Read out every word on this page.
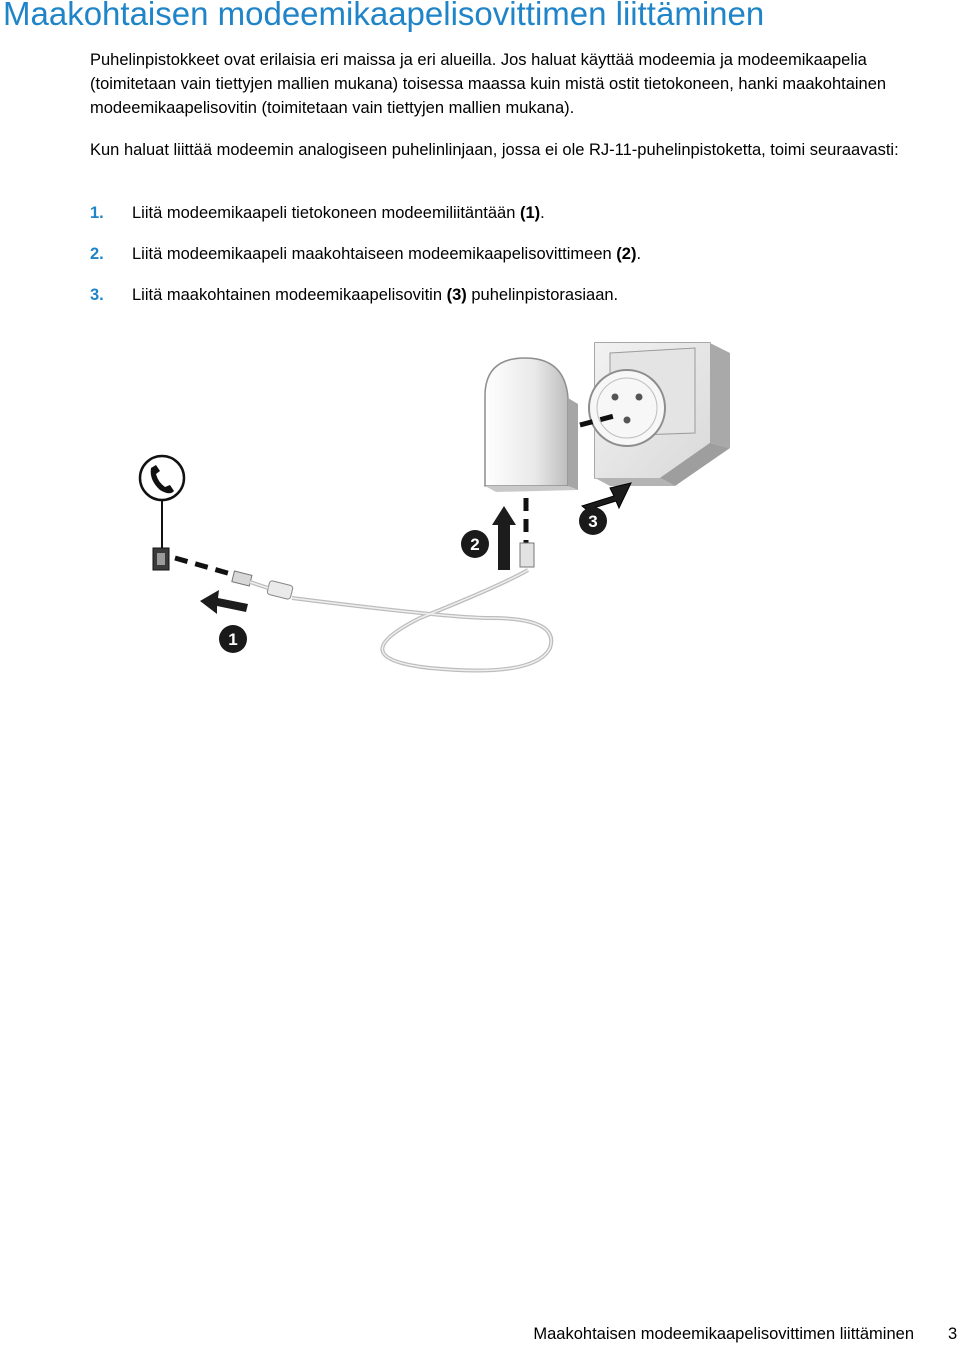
Maakohtaisen modeemikaapelisovittimen liittäminen

Puhelinpistokkeet ovat erilaisia eri maissa ja eri alueilla. Jos haluat käyttää modeemia ja modeemikaapelia (toimitetaan vain tiettyjen mallien mukana) toisessa maassa kuin mistä ostit tietokoneen, hanki maakohtainen modeemikaapelisovitin (toimitetaan vain tiettyjen mallien mukana).

Kun haluat liittää modeemin analogiseen puhelinlinjaan, jossa ei ole RJ-11-puhelinpistoketta, toimi seuraavasti:

1. Liitä modeemikaapeli tietokoneen modeemiliitäntään (1).

2. Liitä modeemikaapeli maakohtaiseen modeemikaapelisovittimeen (2).

3. Liitä maakohtainen modeemikaapelisovitin (3) puhelinpistorasiaan.

1
2
3
Maakohtaisen modeemikaapelisovittimen liittäminen 3
